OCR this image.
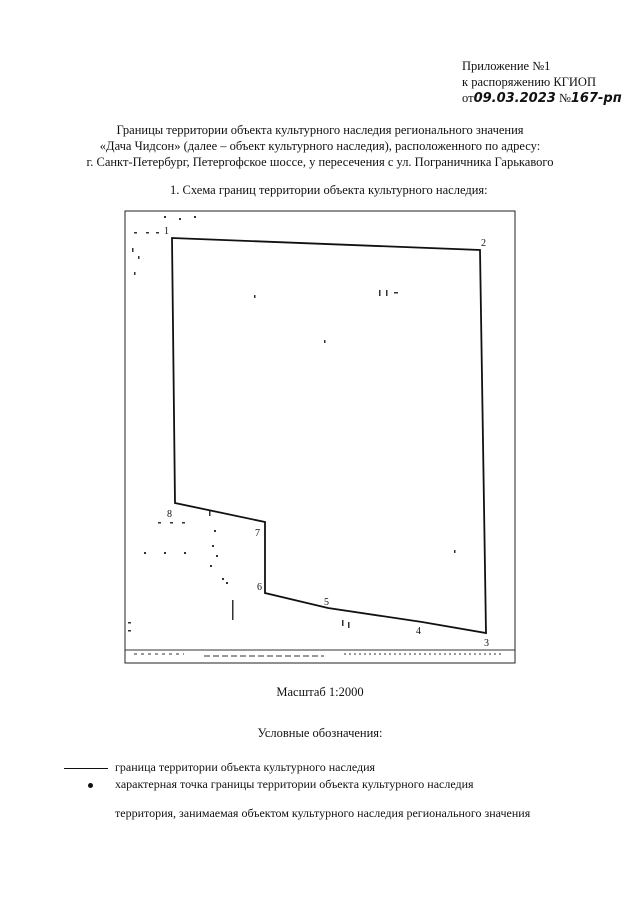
Приложение №1
к распоряжению КГИОП
от09.03.2023 №167-рп
Границы территории объекта культурного наследия регионального значения
«Дача Чидсон» (далее – объект культурного наследия), расположенного по адресу:
г. Санкт-Петербург, Петергофское шоссе, у пересечения с ул. Пограничника Гарькавого
1. Схема границ территории объекта культурного наследия:
1
2
3
4
5
6
7
8
Масштаб 1:2000
Условные обозначения:
граница территории объекта культурного наследия
характерная точка границы территории объекта культурного наследия
территория, занимаемая объектом культурного наследия регионального значения
